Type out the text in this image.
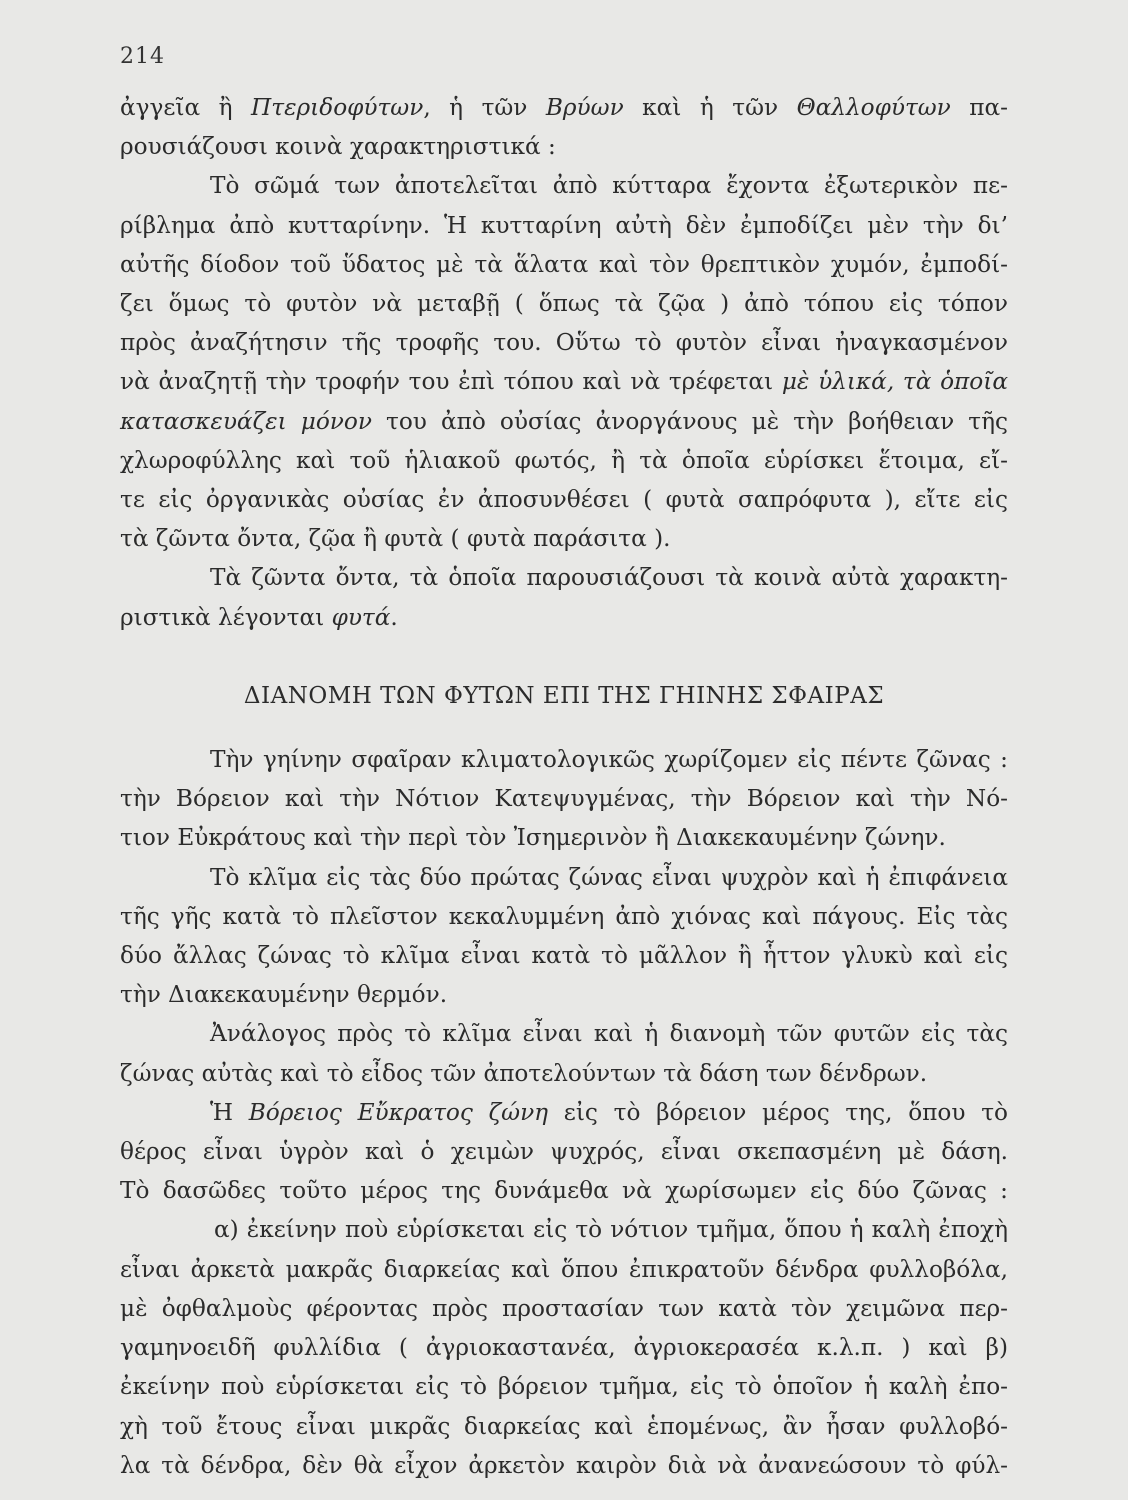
214
ἀγγεῖα ἢ Πτεριδοφύτων, ἡ τῶν Βρύων καὶ ἡ τῶν Θαλλοφύτων πα-
ρουσιάζουσι κοινὰ χαρακτηριστικά :
Τὸ σῶμά των ἀποτελεῖται ἀπὸ κύτταρα ἔχοντα ἐξωτερικὸν πε-
ρίβλημα ἀπὸ κυτταρίνην. Ἡ κυτταρίνη αὐτὴ δὲν ἐμποδίζει μὲν τὴν δι’
αὐτῆς δίοδον τοῦ ὕδατος μὲ τὰ ἅλατα καὶ τὸν θρεπτικὸν χυμόν, ἐμποδί-
ζει ὅμως τὸ φυτὸν νὰ μεταβῇ ( ὅπως τὰ ζῷα ) ἀπὸ τόπου εἰς τόπον
πρὸς ἀναζήτησιν τῆς τροφῆς του. Οὕτω τὸ φυτὸν εἶναι ἠναγκασμένον
νὰ ἀναζητῇ τὴν τροφήν του ἐπὶ τόπου καὶ νὰ τρέφεται μὲ ὑλικά, τὰ ὁποῖα
κατασκευάζει μόνον του ἀπὸ οὐσίας ἀνοργάνους μὲ τὴν βοήθειαν τῆς
χλωροφύλλης καὶ τοῦ ἡλιακοῦ φωτός, ἢ τὰ ὁποῖα εὑρίσκει ἕτοιμα, εἴ-
τε εἰς ὀργανικὰς οὐσίας ἐν ἀποσυνθέσει ( φυτὰ σαπρόφυτα ), εἴτε εἰς
τὰ ζῶντα ὄντα, ζῷα ἢ φυτὰ ( φυτὰ παράσιτα ).
Τὰ ζῶντα ὄντα, τὰ ὁποῖα παρουσιάζουσι τὰ κοινὰ αὐτὰ χαρακτη-
ριστικὰ λέγονται φυτά.
ΔΙΑΝΟΜΗ ΤΩΝ ΦΥΤΩΝ ΕΠΙ ΤΗΣ ΓΗΙΝΗΣ ΣΦΑΙΡΑΣ
Τὴν γηίνην σφαῖραν κλιματολογικῶς χωρίζομεν εἰς πέντε ζῶνας :
τὴν Βόρειον καὶ τὴν Νότιον Κατεψυγμένας, τὴν Βόρειον καὶ τὴν Νό-
τιον Εὐκράτους καὶ τὴν περὶ τὸν Ἰσημερινὸν ἢ Διακεκαυμένην ζώνην.
Τὸ κλῖμα εἰς τὰς δύο πρώτας ζώνας εἶναι ψυχρὸν καὶ ἡ ἐπιφάνεια
τῆς γῆς κατὰ τὸ πλεῖστον κεκαλυμμένη ἀπὸ χιόνας καὶ πάγους. Εἰς τὰς
δύο ἄλλας ζώνας τὸ κλῖμα εἶναι κατὰ τὸ μᾶλλον ἢ ἧττον γλυκὺ καὶ εἰς
τὴν Διακεκαυμένην θερμόν.
Ἀνάλογος πρὸς τὸ κλῖμα εἶναι καὶ ἡ διανομὴ τῶν φυτῶν εἰς τὰς
ζώνας αὐτὰς καὶ τὸ εἶδος τῶν ἀποτελούντων τὰ δάση των δένδρων.
Ἡ Βόρειος Εὔκρατος ζώνη εἰς τὸ βόρειον μέρος της, ὅπου τὸ
θέρος εἶναι ὑγρὸν καὶ ὁ χειμὼν ψυχρός, εἶναι σκεπασμένη μὲ δάση.
Τὸ δασῶδες τοῦτο μέρος της δυνάμεθα νὰ χωρίσωμεν εἰς δύο ζῶνας :
α) ἐκείνην ποὺ εὑρίσκεται εἰς τὸ νότιον τμῆμα, ὅπου ἡ καλὴ ἐποχὴ
εἶναι ἀρκετὰ μακρᾶς διαρκείας καὶ ὅπου ἐπικρατοῦν δένδρα φυλλοβόλα,
μὲ ὀφθαλμοὺς φέροντας πρὸς προστασίαν των κατὰ τὸν χειμῶνα περ-
γαμηνοειδῆ φυλλίδια ( ἀγριοκαστανέα, ἀγριοκερασέα κ.λ.π. ) καὶ β)
ἐκείνην ποὺ εὑρίσκεται εἰς τὸ βόρειον τμῆμα, εἰς τὸ ὁποῖον ἡ καλὴ ἐπο-
χὴ τοῦ ἔτους εἶναι μικρᾶς διαρκείας καὶ ἑπομένως, ἂν ἦσαν φυλλοβό-
λα τὰ δένδρα, δὲν θὰ εἶχον ἀρκετὸν καιρὸν διὰ νὰ ἀνανεώσουν τὸ φύλ-
